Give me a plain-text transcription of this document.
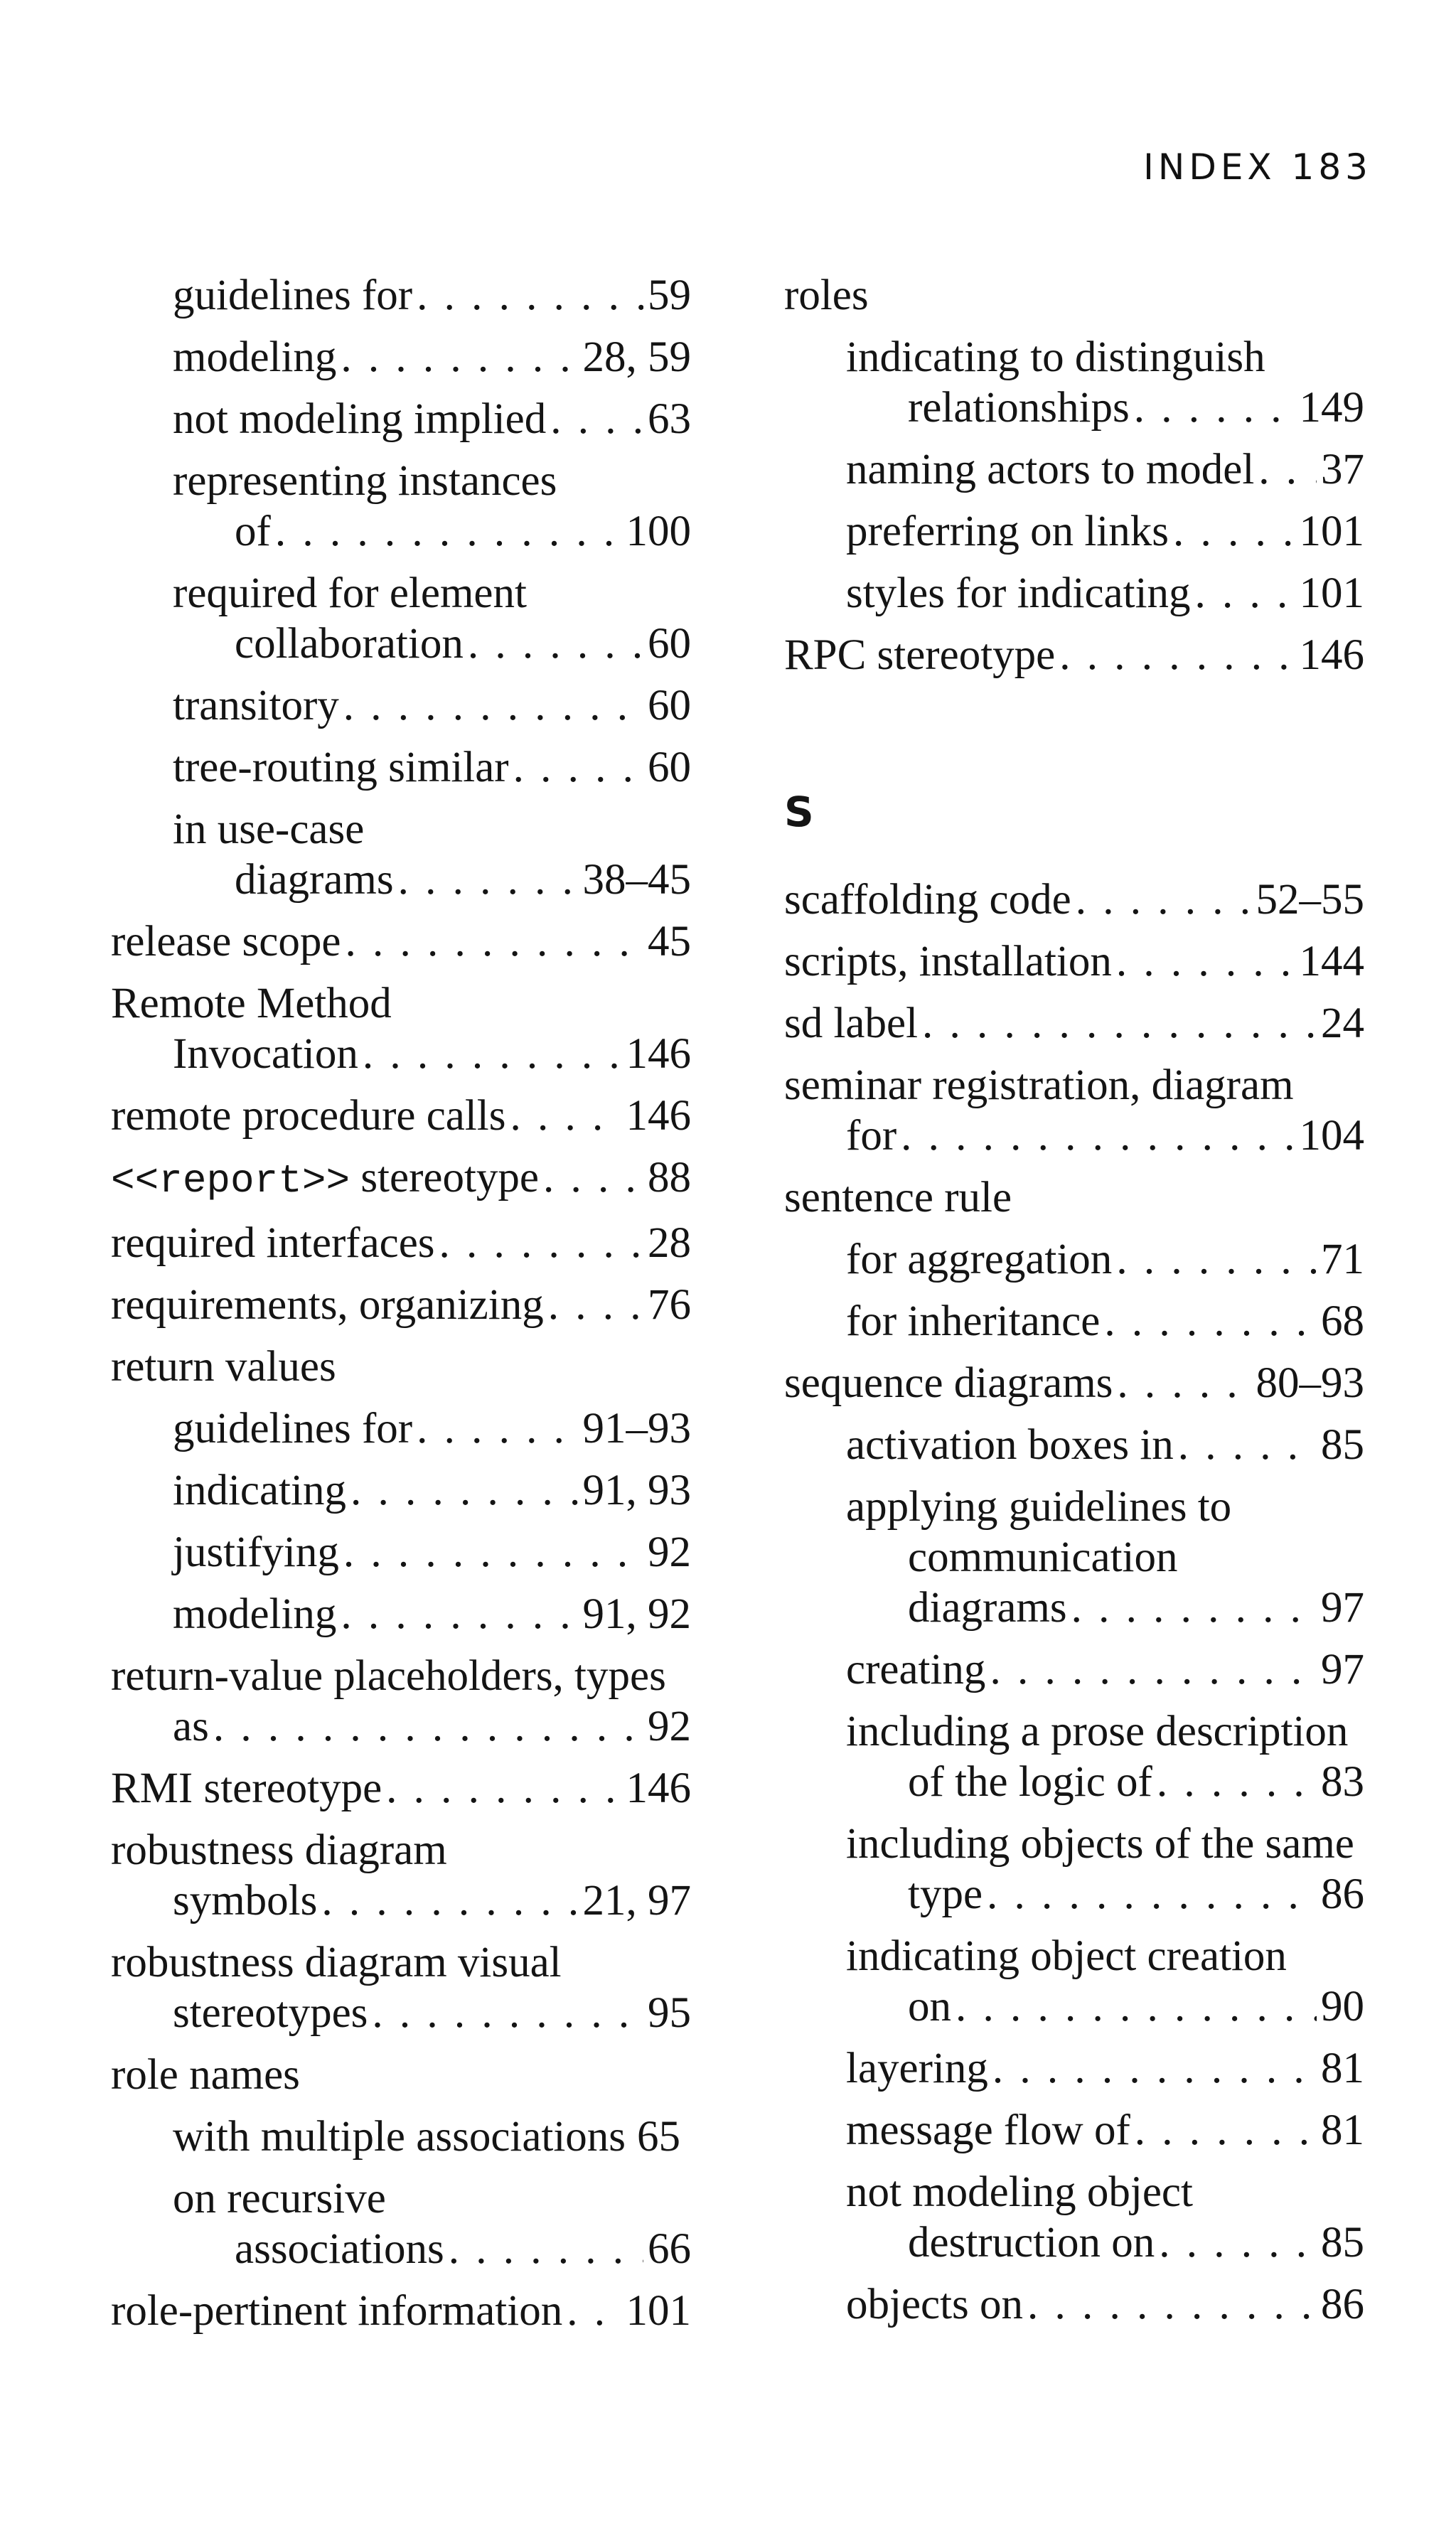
INDEX 183
guidelines for . . .	59
modeling . . .	28, 59
not modeling implied . . . 63
representing instances
of . . .	100
required for element
collaboration . . .	60
transitory . . .	60
tree-routing similar . . .	60
in use-case
diagrams . . .	38–45
release scope . . .	45
Remote Method
Invocation . . .	146
remote procedure calls . . .	146
<<report>> stereotype . . .	88
required interfaces . . .	28
requirements, organizing . . . 76
return values
guidelines for . . .	91–93
indicating . . .	91, 93
justifying . . .	92
modeling . . .	91, 92
return-value placeholders, types
as . . .	92
RMI stereotype . . .	146
robustness diagram
symbols . . .	21, 97
robustness diagram visual
stereotypes . . .	95
role names
with multiple associations 65
on recursive
associations . . .	66
role-pertinent information . . . 101
roles
indicating to distinguish
relationships . . .	149
naming actors to model . . . 37
preferring on links . . .	101
styles for indicating . . .	101
RPC stereotype . . .	146
S
scaffolding code . . .	52–55
scripts, installation . . .	144
sd label . . .	24
seminar registration, diagram
for . . .	104
sentence rule
for aggregation . . .	71
for inheritance . . .	68
sequence diagrams . . .	80–93
activation boxes in . . .	85
applying guidelines to
communication
diagrams . . .	97
creating . . .	97
including a prose description
of the logic of . . .	83
including objects of the same
type . . .	86
indicating object creation
on . . .	90
layering . . .	81
message flow of . . .	81
not modeling object
destruction on . . .	85
objects on . . .	86
